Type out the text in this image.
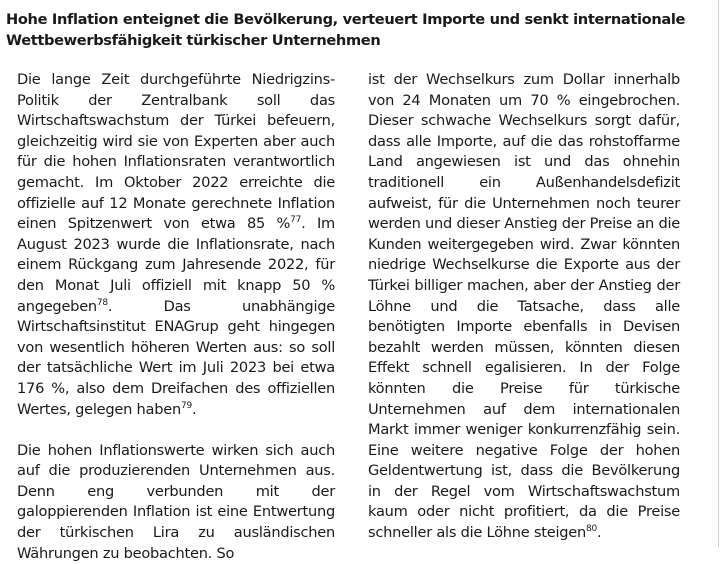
Hohe Inflation enteignet die Bevölkerung, verteuert Importe und senkt internationale Wettbewerbsfähigkeit türkischer Unternehmen

Die lange Zeit durchgeführte Niedrigzins-Politik der Zentralbank soll das Wirtschaftswachstum der Türkei befeuern, gleichzeitig wird sie von Experten aber auch für die hohen Inflationsraten verantwortlich gemacht. Im Oktober 2022 erreichte die offizielle auf 12 Monate gerechnete Inflation einen Spitzenwert von etwa 85 %$^{77}$. Im August 2023 wurde die Inflationsrate, nach einem Rückgang zum Jahresende 2022, für den Monat Juli offiziell mit knapp 50 % angegeben$^{78}$. Das unabhängige Wirtschaftsinstitut ENAGrup geht hingegen von wesentlich höheren Werten aus: so soll der tatsächliche Wert im Juli 2023 bei etwa 176 %, also dem Dreifachen des offiziellen Wertes, gelegen haben$^{79}$.

Die hohen Inflationswerte wirken sich auch auf die produzierenden Unternehmen aus. Denn eng verbunden mit der galoppierenden Inflation ist eine Entwertung der türkischen Lira zu ausländischen Währungen zu beobachten. So

ist der Wechselkurs zum Dollar innerhalb von 24 Monaten um 70 % eingebrochen. Dieser schwache Wechselkurs sorgt dafür, dass alle Importe, auf die das rohstoffarme Land angewiesen ist und das ohnehin traditionell ein Außenhandelsdefizit aufweist, für die Unternehmen noch teurer werden und dieser Anstieg der Preise an die Kunden weitergegeben wird. Zwar könnten niedrige Wechselkurse die Exporte aus der Türkei billiger machen, aber der Anstieg der Löhne und die Tatsache, dass alle benötigten Importe ebenfalls in Devisen bezahlt werden müssen, könnten diesen Effekt schnell egalisieren. In der Folge könnten die Preise für türkische Unternehmen auf dem internationalen Markt immer weniger konkurrenzfähig sein. Eine weitere negative Folge der hohen Geldentwertung ist, dass die Bevölkerung in der Regel vom Wirtschaftswachstum kaum oder nicht profitiert, da die Preise schneller als die Löhne steigen$^{80}$.
